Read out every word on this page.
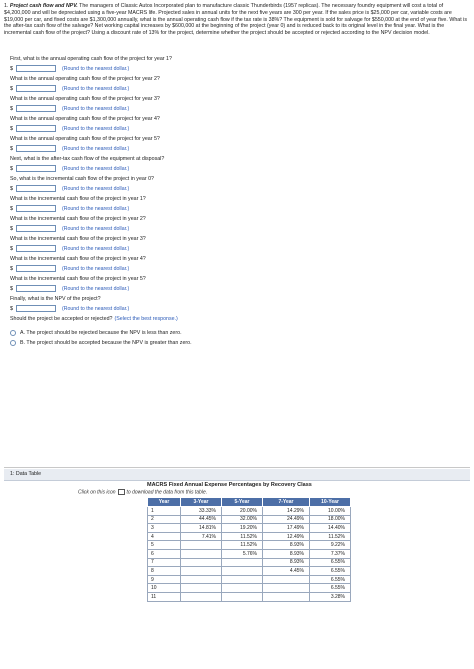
1. Project cash flow and NPV. The managers of Classic Autos Incorporated plan to manufacture classic Thunderbirds (1957 replicas). The necessary foundry equipment will cost a total of $4,200,000 and will be depreciated using a five-year MACRS life. Projected sales in annual units for the next five years are 300 per year. If the sales price is $25,000 per car, variable costs are $19,000 per car, and fixed costs are $1,300,000 annually, what is the annual operating cash flow if the tax rate is 38%? The equipment is sold for salvage for $550,000 at the end of year five. What is the after-tax cash flow of the salvage? Net working capital increases by $600,000 at the beginning of the project (year 0) and is reduced back to its original level in the final year. What is the incremental cash flow of the project? Using a discount rate of 13% for the project, determine whether the project should be accepted or rejected according to the NPV decision model.
First, what is the annual operating cash flow of the project for year 1?
$	(Round to the nearest dollar.)
What is the annual operating cash flow of the project for year 2?
$	(Round to the nearest dollar.)
What is the annual operating cash flow of the project for year 3?
$	(Round to the nearest dollar.)
What is the annual operating cash flow of the project for year 4?
$	(Round to the nearest dollar.)
What is the annual operating cash flow of the project for year 5?
$	(Round to the nearest dollar.)
Next, what is the after-tax cash flow of the equipment at disposal?
$	(Round to the nearest dollar.)
So, what is the incremental cash flow of the project in year 0?
$	(Round to the nearest dollar.)
What is the incremental cash flow of the project in year 1?
$	(Round to the nearest dollar.)
What is the incremental cash flow of the project in year 2?
$	(Round to the nearest dollar.)
What is the incremental cash flow of the project in year 3?
$	(Round to the nearest dollar.)
What is the incremental cash flow of the project in year 4?
$	(Round to the nearest dollar.)
What is the incremental cash flow of the project in year 5?
$	(Round to the nearest dollar.)
Finally, what is the NPV of the project?
$	(Round to the nearest dollar.)
Should the project be accepted or rejected? (Select the best response.)
A. The project should be rejected because the NPV is less than zero.
B. The project should be accepted because the NPV is greater than zero.
1: Data Table
MACRS Fixed Annual Expense Percentages by Recovery Class
Click on this icon to download the data from this table.
Year	3-Year	5-Year	7-Year	10-Year
1	33.33%	20.00%	14.29%	10.00%
2	44.45%	32.00%	24.49%	18.00%
3	14.81%	19.20%	17.49%	14.40%
4	7.41%	11.52%	12.49%	11.52%
5		11.52%	8.93%	9.22%
6		5.76%	8.93%	7.37%
7			8.93%	6.55%
8			4.45%	6.55%
9				6.55%
10				6.55%
11				3.28%
